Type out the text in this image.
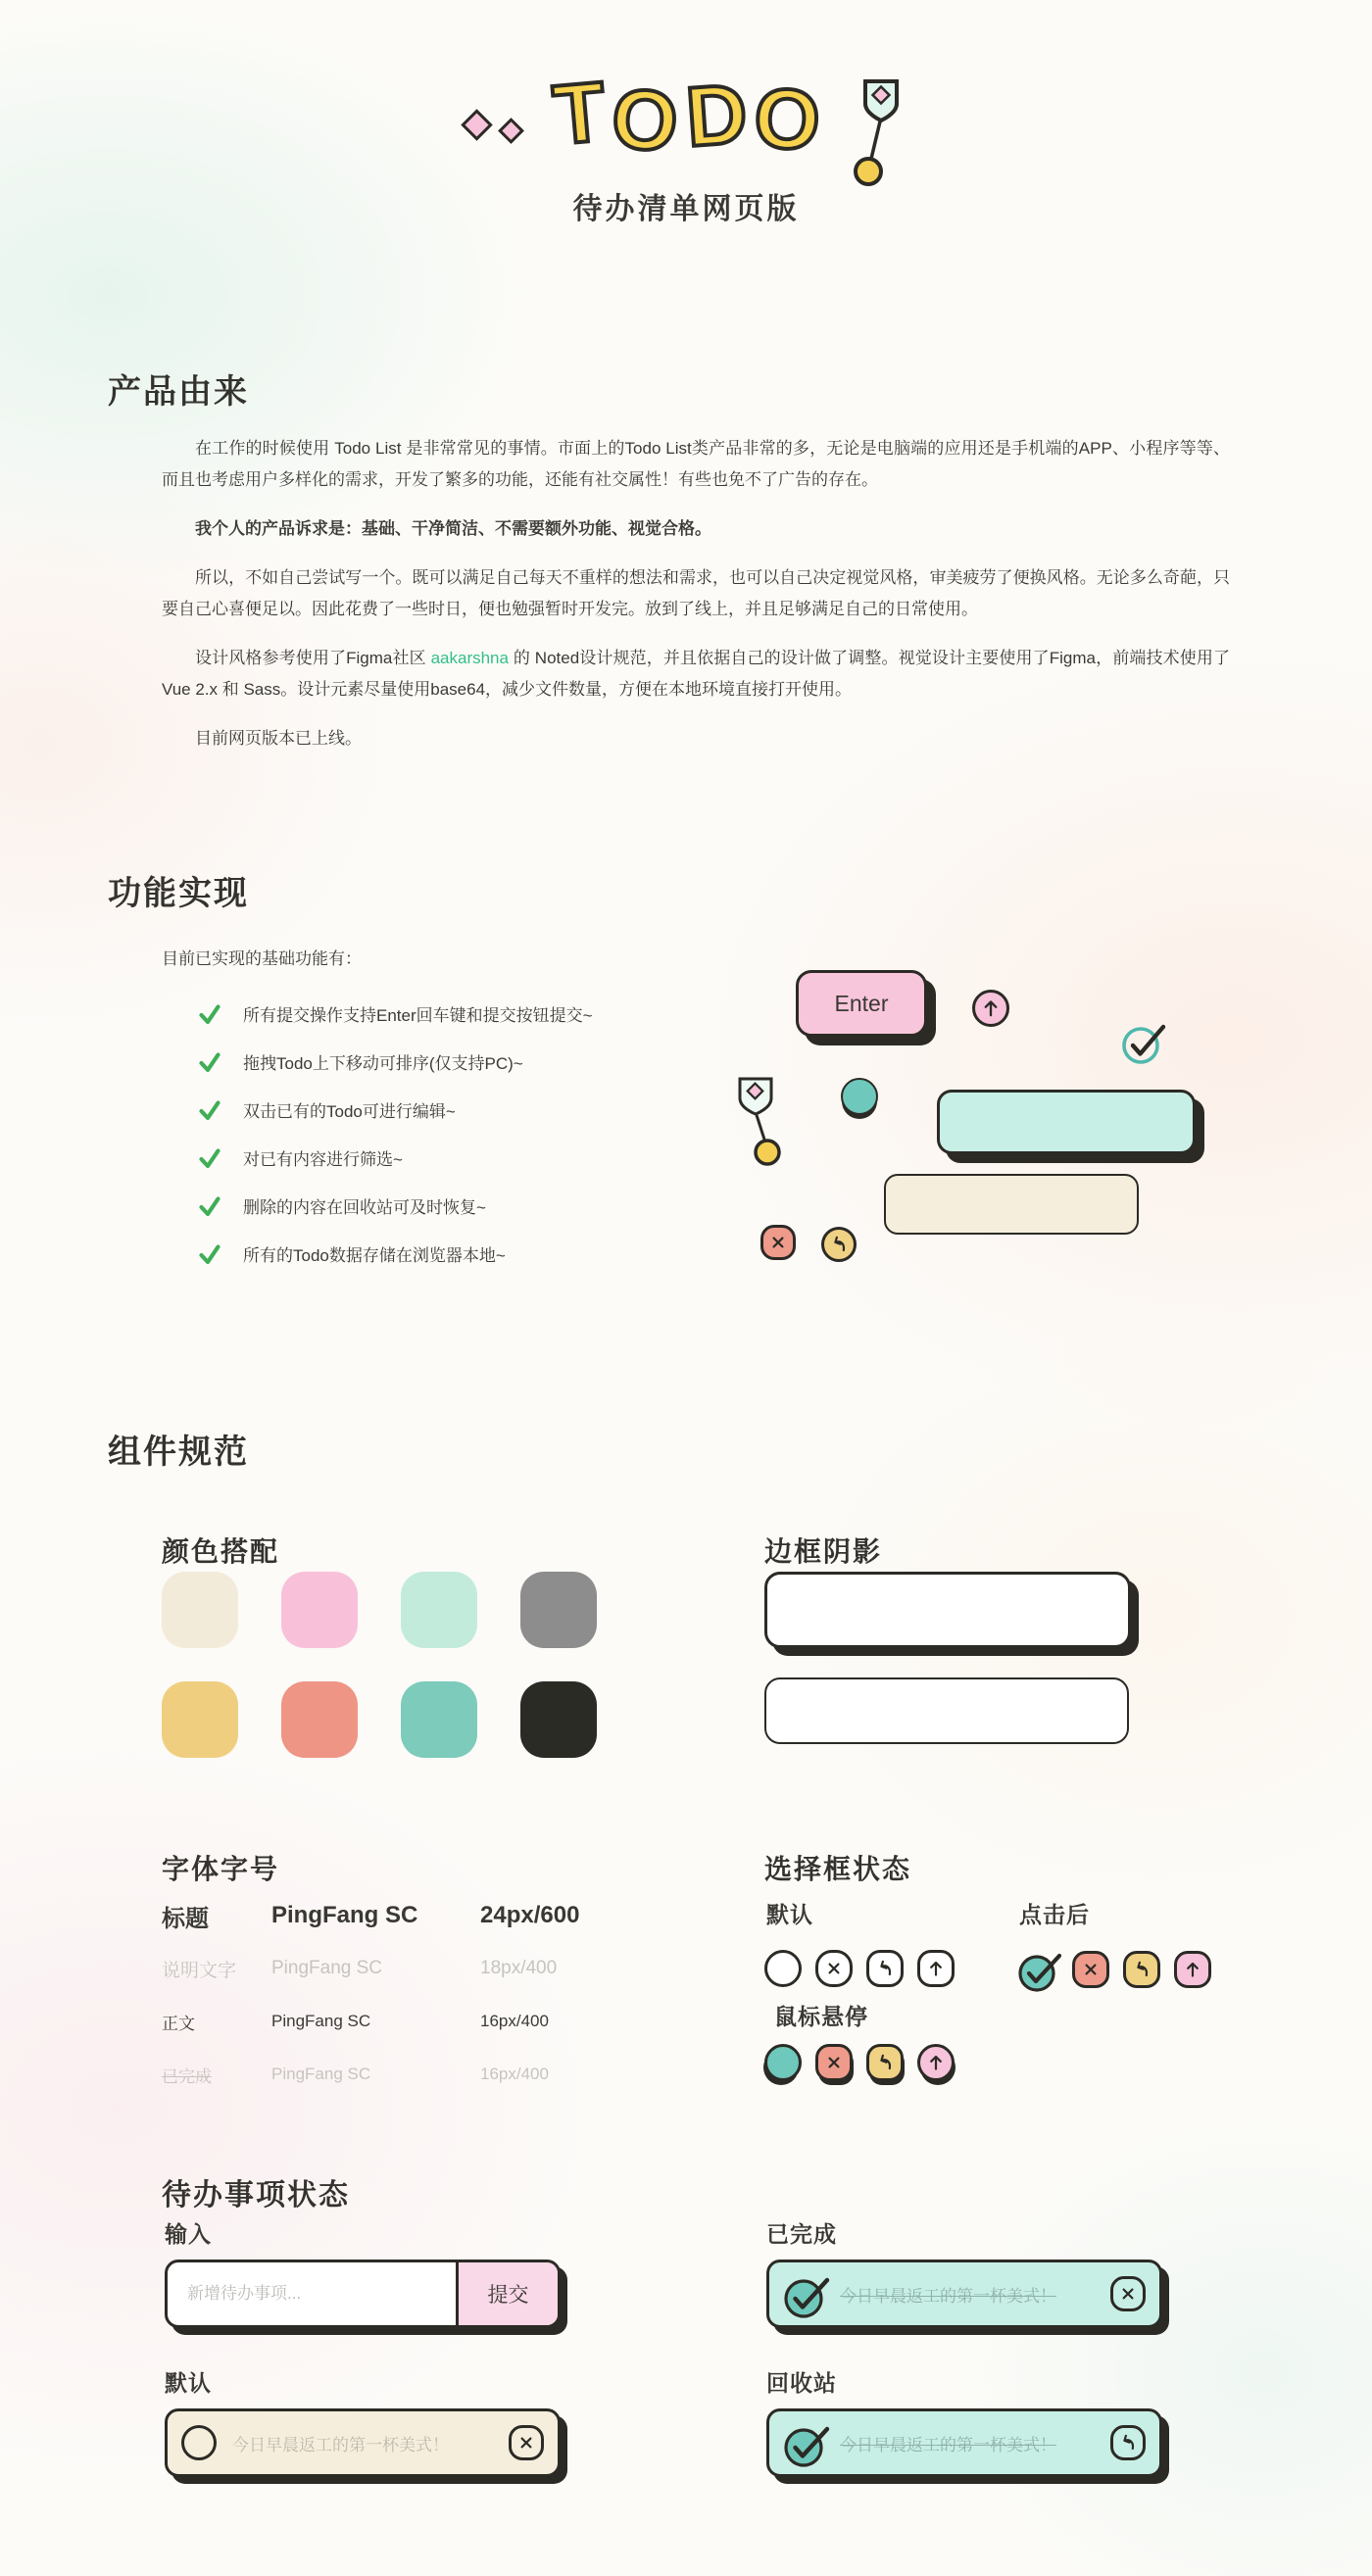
T O D O
待办清单网页版
产品由来

在工作的时候使用 Todo List 是非常常见的事情。市面上的Todo List类产品非常的多，无论是电脑端的应用还是手机端的APP、小程序等等、而且也考虑用户多样化的需求，开发了繁多的功能，还能有社交属性！有些也免不了广告的存在。

我个人的产品诉求是：基础、干净简洁、不需要额外功能、视觉合格。

所以，不如自己尝试写一个。既可以满足自己每天不重样的想法和需求，也可以自己决定视觉风格，审美疲劳了便换风格。无论多么奇葩，只要自己心喜便足以。因此花费了一些时日，便也勉强暂时开发完。放到了线上，并且足够满足自己的日常使用。

设计风格参考使用了Figma社区 aakarshna 的 Noted设计规范，并且依据自己的设计做了调整。视觉设计主要使用了Figma，前端技术使用了 Vue 2.x 和 Sass。设计元素尽量使用base64，减少文件数量，方便在本地环境直接打开使用。

目前网页版本已上线。

功能实现
目前已实现的基础功能有：
所有提交操作支持Enter回车键和提交按钮提交~
拖拽Todo上下移动可排序(仅支持PC)~
双击已有的Todo可进行编辑~
对已有内容进行筛选~
删除的内容在回收站可及时恢复~
所有的Todo数据存储在浏览器本地~
Enter
组件规范
颜色搭配	边框阴影
字体字号
标题	PingFang SC	24px/600
说明文字	PingFang SC	18px/400
正文	PingFang SC	16px/400
已完成	PingFang SC	16px/400
选择框状态
默认	点击后
鼠标悬停
待办事项状态
输入	已完成
新增待办事项...
提交	今日早晨返工的第一杯美式！
默认	回收站
今日早晨返工的第一杯美式！	今日早晨返工的第一杯美式！
